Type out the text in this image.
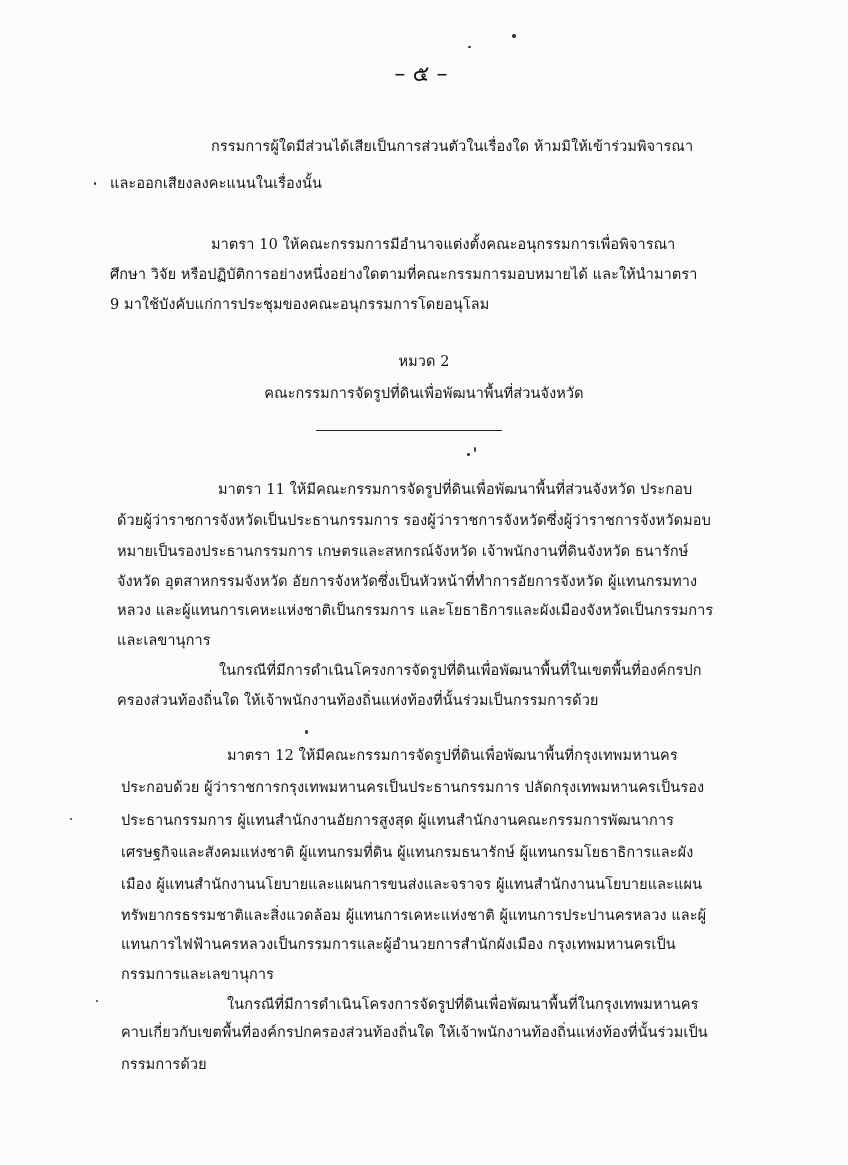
– ๕ –
กรรมการผู้ใดมีส่วนได้เสียเป็นการส่วนตัวในเรื่องใด ห้ามมิให้เข้าร่วมพิจารณา
และออกเสียงลงคะแนนในเรื่องนั้น
มาตรา 10 ให้คณะกรรมการมีอำนาจแต่งตั้งคณะอนุกรรมการเพื่อพิจารณา
ศึกษา วิจัย หรือปฏิบัติการอย่างหนึ่งอย่างใดตามที่คณะกรรมการมอบหมายได้ และให้นำมาตรา
9 มาใช้บังคับแก่การประชุมของคณะอนุกรรมการโดยอนุโลม
หมวด 2
คณะกรรมการจัดรูปที่ดินเพื่อพัฒนาพื้นที่ส่วนจังหวัด
มาตรา 11 ให้มีคณะกรรมการจัดรูปที่ดินเพื่อพัฒนาพื้นที่ส่วนจังหวัด ประกอบ
ด้วยผู้ว่าราชการจังหวัดเป็นประธานกรรมการ รองผู้ว่าราชการจังหวัดซึ่งผู้ว่าราชการจังหวัดมอบ
หมายเป็นรองประธานกรรมการ เกษตรและสหกรณ์จังหวัด เจ้าพนักงานที่ดินจังหวัด ธนารักษ์
จังหวัด อุตสาหกรรมจังหวัด อัยการจังหวัดซึ่งเป็นหัวหน้าที่ทำการอัยการจังหวัด ผู้แทนกรมทาง
หลวง และผู้แทนการเคหะแห่งชาติเป็นกรรมการ และโยธาธิการและผังเมืองจังหวัดเป็นกรรมการ
และเลขานุการ
ในกรณีที่มีการดำเนินโครงการจัดรูปที่ดินเพื่อพัฒนาพื้นที่ในเขตพื้นที่องค์กรปก
ครองส่วนท้องถิ่นใด ให้เจ้าพนักงานท้องถิ่นแห่งท้องที่นั้นร่วมเป็นกรรมการด้วย
มาตรา 12 ให้มีคณะกรรมการจัดรูปที่ดินเพื่อพัฒนาพื้นที่กรุงเทพมหานคร
ประกอบด้วย ผู้ว่าราชการกรุงเทพมหานครเป็นประธานกรรมการ ปลัดกรุงเทพมหานครเป็นรอง
ประธานกรรมการ ผู้แทนสำนักงานอัยการสูงสุด ผู้แทนสำนักงานคณะกรรมการพัฒนาการ
เศรษฐกิจและสังคมแห่งชาติ ผู้แทนกรมที่ดิน ผู้แทนกรมธนารักษ์ ผู้แทนกรมโยธาธิการและผัง
เมือง ผู้แทนสำนักงานนโยบายและแผนการขนส่งและจราจร ผู้แทนสำนักงานนโยบายและแผน
ทรัพยากรธรรมชาติและสิ่งแวดล้อม ผู้แทนการเคหะแห่งชาติ ผู้แทนการประปานครหลวง และผู้
แทนการไฟฟ้านครหลวงเป็นกรรมการและผู้อำนวยการสำนักผังเมือง กรุงเทพมหานครเป็น
กรรมการและเลขานุการ
ในกรณีที่มีการดำเนินโครงการจัดรูปที่ดินเพื่อพัฒนาพื้นที่ในกรุงเทพมหานคร
คาบเกี่ยวกับเขตพื้นที่องค์กรปกครองส่วนท้องถิ่นใด ให้เจ้าพนักงานท้องถิ่นแห่งท้องที่นั้นร่วมเป็น
กรรมการด้วย
